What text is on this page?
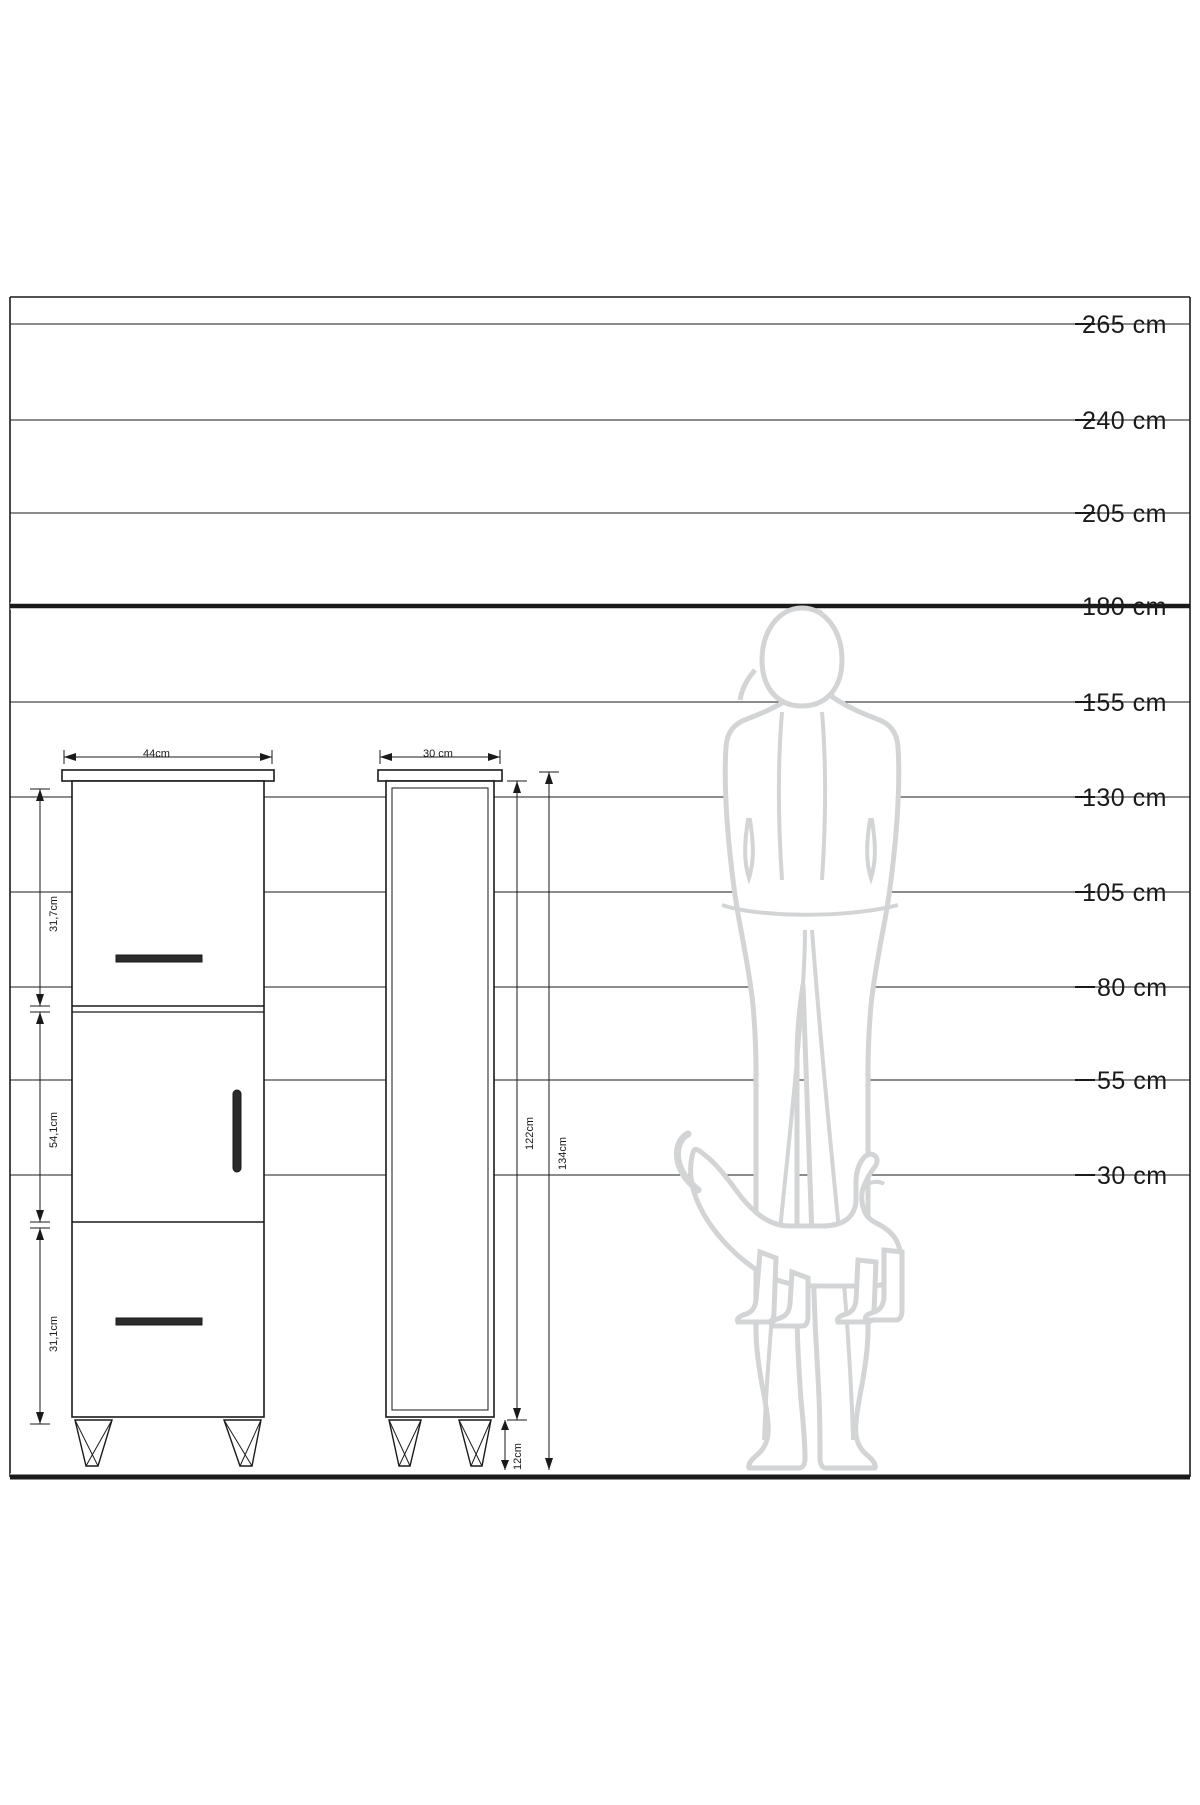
265 cm
240 cm
205 cm
180 cm
155 cm
130 cm
105 cm
80 cm
55 cm
30 cm
44cm	30 cm
31,7cm
54,1cm
31,1cm
122cm
134cm
12cm
